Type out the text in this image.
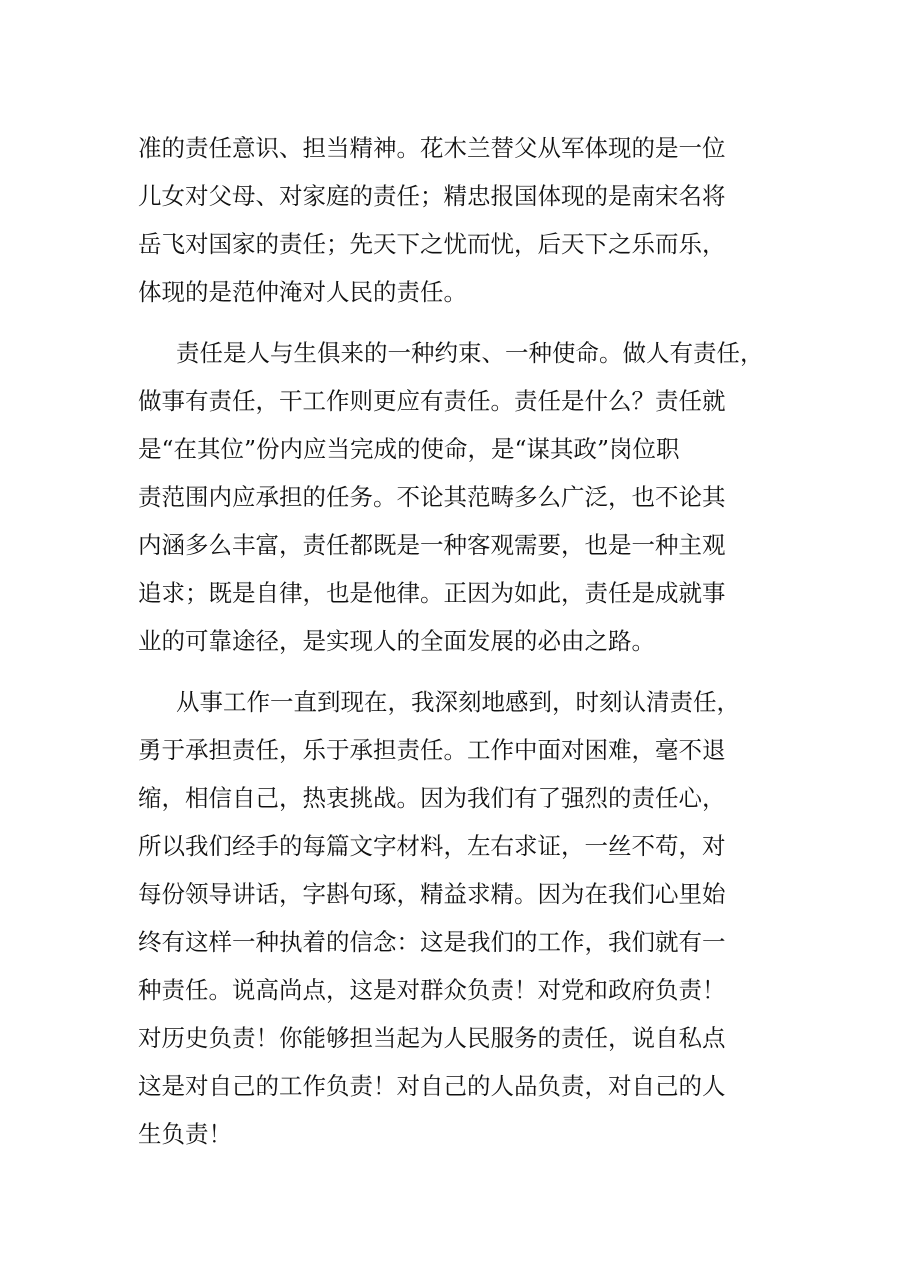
准的责任意识、担当精神。花木兰替父从军体现的是一位
儿女对父母、对家庭的责任；精忠报国体现的是南宋名将
岳飞对国家的责任；先天下之忧而忧，后天下之乐而乐，
体现的是范仲淹对人民的责任。
责任是人与生俱来的一种约束、一种使命。做人有责任，
做事有责任，干工作则更应有责任。责任是什么？责任就
是“在其位”份内应当完成的使命，是“谋其政”岗位职
责范围内应承担的任务。不论其范畴多么广泛，也不论其
内涵多么丰富，责任都既是一种客观需要，也是一种主观
追求；既是自律，也是他律。正因为如此，责任是成就事
业的可靠途径，是实现人的全面发展的必由之路。
从事工作一直到现在，我深刻地感到，时刻认清责任，
勇于承担责任，乐于承担责任。工作中面对困难，毫不退
缩，相信自己，热衷挑战。因为我们有了强烈的责任心，
所以我们经手的每篇文字材料，左右求证，一丝不苟，对
每份领导讲话，字斟句琢，精益求精。因为在我们心里始
终有这样一种执着的信念：这是我们的工作，我们就有一
种责任。说高尚点，这是对群众负责！对党和政府负责！
对历史负责！你能够担当起为人民服务的责任，说自私点
这是对自己的工作负责！对自己的人品负责，对自己的人
生负责！
